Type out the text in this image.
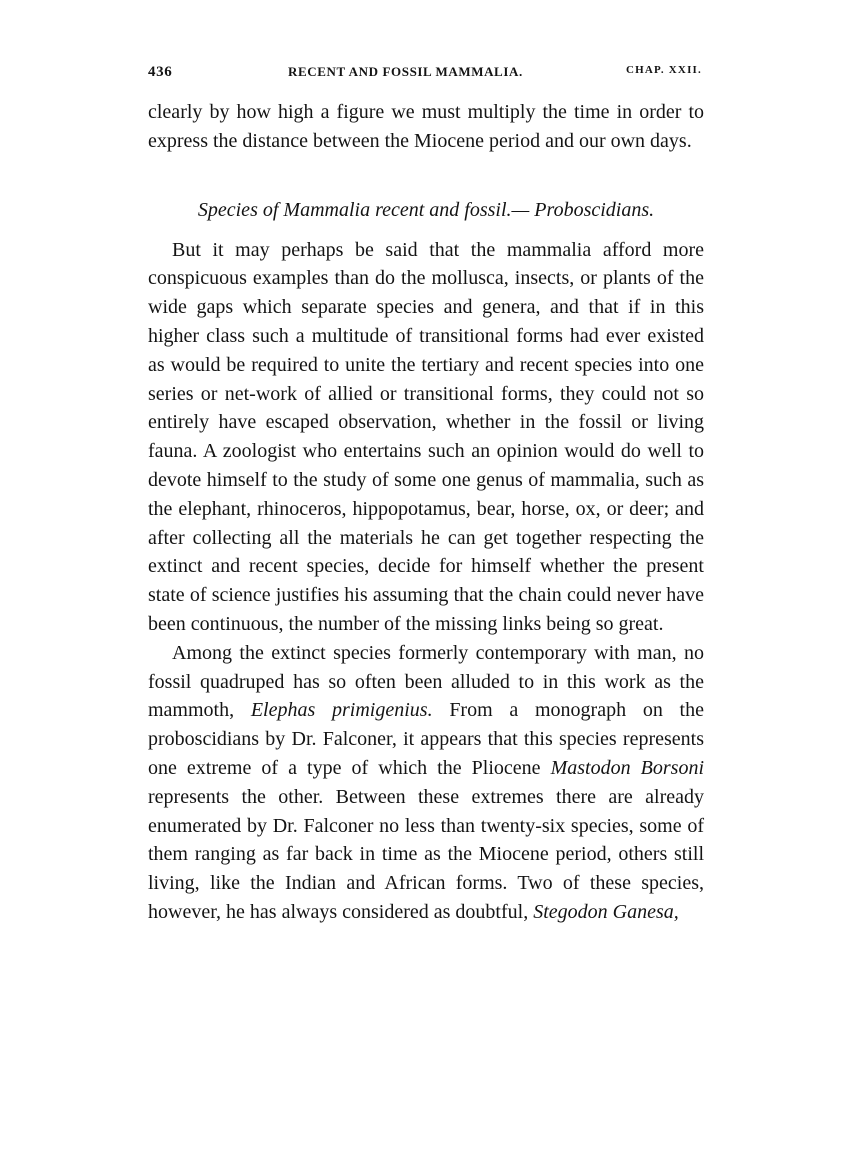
436	RECENT AND FOSSIL MAMMALIA.	CHAP. XXII.

clearly by how high a figure we must multiply the time in order to express the distance between the Miocene period and our own days.

Species of Mammalia recent and fossil.— Proboscidians.

But it may perhaps be said that the mammalia afford more conspicuous examples than do the mollusca, insects, or plants of the wide gaps which separate species and genera, and that if in this higher class such a multitude of transitional forms had ever existed as would be required to unite the tertiary and recent species into one series or net-work of allied or transitional forms, they could not so entirely have escaped observation, whether in the fossil or living fauna. A zoologist who entertains such an opinion would do well to devote himself to the study of some one genus of mammalia, such as the elephant, rhinoceros, hippopotamus, bear, horse, ox, or deer; and after collecting all the materials he can get together respecting the extinct and recent species, decide for himself whether the present state of science justifies his assuming that the chain could never have been continuous, the number of the missing links being so great.

Among the extinct species formerly contemporary with man, no fossil quadruped has so often been alluded to in this work as the mammoth, Elephas primigenius. From a monograph on the proboscidians by Dr. Falconer, it appears that this species represents one extreme of a type of which the Pliocene Mastodon Borsoni represents the other. Between these extremes there are already enumerated by Dr. Falconer no less than twenty-six species, some of them ranging as far back in time as the Miocene period, others still living, like the Indian and African forms. Two of these species, however, he has always considered as doubtful, Stegodon Ganesa,
